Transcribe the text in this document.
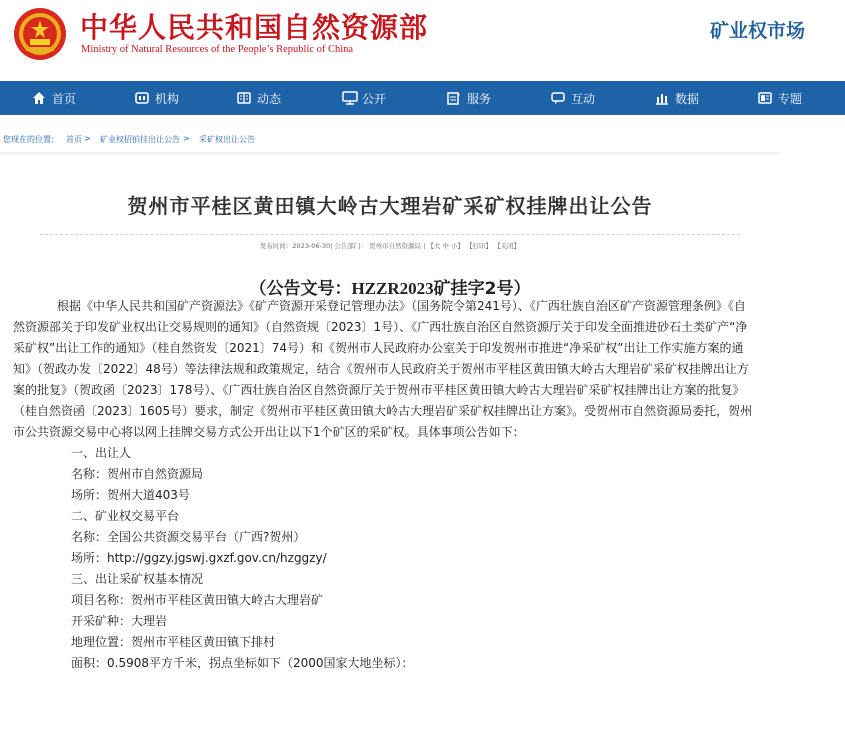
中华人民共和国自然资源部
Ministry of Natural Resources of the People’s Republic of China
矿业权市场
首页	机构	动态	公开	服务	互动	数据	专题
您现在的位置： 首页 > 矿业权招拍挂出让公告 > 采矿权出让公告
贺州市平桂区黄田镇大岭古大理岩矿采矿权挂牌出让公告
发布时间：2023-06-30| 公告部门： 贺州市自然资源局 | 【大 中 小】 【打印】 【关闭】
（公告文号：HZZR2023矿挂字2号）

根据《中华人民共和国矿产资源法》《矿产资源开采登记管理办法》（国务院令第241号）、《广西壮族自治区矿产资源管理条例》《自然资源部关于印发矿业权出让交易规则的通知》（自然资规〔2023〕1号）、《广西壮族自治区自然资源厅关于印发全面推进砂石土类矿产“净采矿权”出让工作的通知》（桂自然资发〔2021〕74号）和《贺州市人民政府办公室关于印发贺州市推进“净采矿权”出让工作实施方案的通知》（贺政办发〔2022〕48号）等法律法规和政策规定，结合《贺州市人民政府关于贺州市平桂区黄田镇大岭古大理岩矿采矿权挂牌出让方案的批复》（贺政函〔2023〕178号）、《广西壮族自治区自然资源厅关于贺州市平桂区黄田镇大岭古大理岩矿采矿权挂牌出让方案的批复》（桂自然资函〔2023〕1605号）要求，制定《贺州市平桂区黄田镇大岭古大理岩矿采矿权挂牌出让方案》。受贺州市自然资源局委托，贺州市公共资源交易中心将以网上挂牌交易方式公开出让以下1个矿区的采矿权。具体事项公告如下：

一、出让人

名称：贺州市自然资源局

场所：贺州大道403号

二、矿业权交易平台

名称：全国公共资源交易平台（广西?贺州）

场所：http://ggzy.jgswj.gxzf.gov.cn/hzggzy/

三、出让采矿权基本情况

项目名称：贺州市平桂区黄田镇大岭古大理岩矿

开采矿种：大理岩

地理位置：贺州市平桂区黄田镇下排村

面积：0.5908平方千米，拐点坐标如下（2000国家大地坐标）：
